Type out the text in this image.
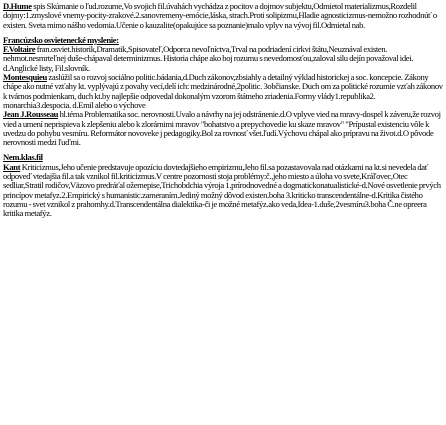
D.Hume spis Skúmanie o ľud.rozume,Vo svojich fil.úvahách vychádza z pocitov a dojmov subjektu,Odmietol materializmus,Rozdelil dojmy:1.zmyslové vnemy-pocity-zrakové.2.sanovremeny-emócie,láska, strach.Proti solipizmu,Hladie agnosticizmus-nemožno rozhodnúť o existen. Sveta mimo nášho vedomia.Učenie o kauzalite(opakujúce sa poznanie)malo vplyv na vývoj fil.Odmietal nab.

Francúzsko osvietenecké myslenie:

F.Voltaire fran.osviet.historik,Dramatik,Spisovateľ,Odporca nevoľníctva,Trval na podriadení cirkvi štátu,Neuznával existen. nehmot.nesmrteľnej duše-chápaval determinizmus. Historia chápe ako boj rozumu s nevedomosťou,zaloval silu dejín považoval idei. d.Anglické listy, Fil.slovník.

Montesquieu zaslúžil sa o rozvoj sociálno politic.bádania,d.Duch zákonov,zbsiahly a detailný výklad historickej a soc. koncepcie. Zákony chápe ako nutné vzťahy kt. vyplývajú z povahy vecí,delí ich: medzinárodné,2politic. 3občianske. Duch om za politické rozumie vzťah zákonov k tvárnos podmienkam, duch kt.by najlepšie odpovedal dokonalým vzorom štátneho zriadenia.Formy vlády1.republika2. monarchia3.despocia. d.Emil alebo o výchove

Jean J.Rousseau hl.téma Problematika soc. nerovnosti.Uvalo a návrhy na jej odstránenie.d.O vplyve vied na mravy-dospel k záveru,že rozvoj vied a umení neprispieva k zlepšeniu alebo k zlorárnimi mravov "bohatstvo a prepychovedie ku skaze mravov" "Prípustal existenciu vôle k uvedzu do pohybu vesmíru. Reformátor novoveke j pedagogiky.Bol za rovnosť všet.ľudí.Výchovu chápal ako prípravu na život.d.O pôvode nerovnosti medzi ľuďmi.

Nem.klas.fil

Kant Kriticizmus,Jeho učenie predstavuje opozíciu dovtedajšieho empirizmu,Jeho fil.sa pozastavovala nad otázkami na kt.si nevedela dať odpoveď vtedajšia fil.a tak vznikol fil.kriticizmus.V centre pozornosti stoja problémy:č.,jeho miesto a úloha vo svete,Kráľovec,Otec sedliar,Stratil rodičov,Väzovo predráťal ožemepise,Trichobdchia výroja 1.prírodnovedné a dogmatickonatualistické-d.Nové osvetlenie prvých princípov metafyz.2.Empirický s humanistic.zameraním.Jediný možný dôvod existen.boha 3.kriticko transcendentálne-d.Kritika čistého rozumu - svet vznikol z prahomhy.d.Transcendentálna dialektika-či je možné metafýz.ako veda,Idea-1.duše,2vesmíru3.boha Č.ne opreera kritika metafýz.
